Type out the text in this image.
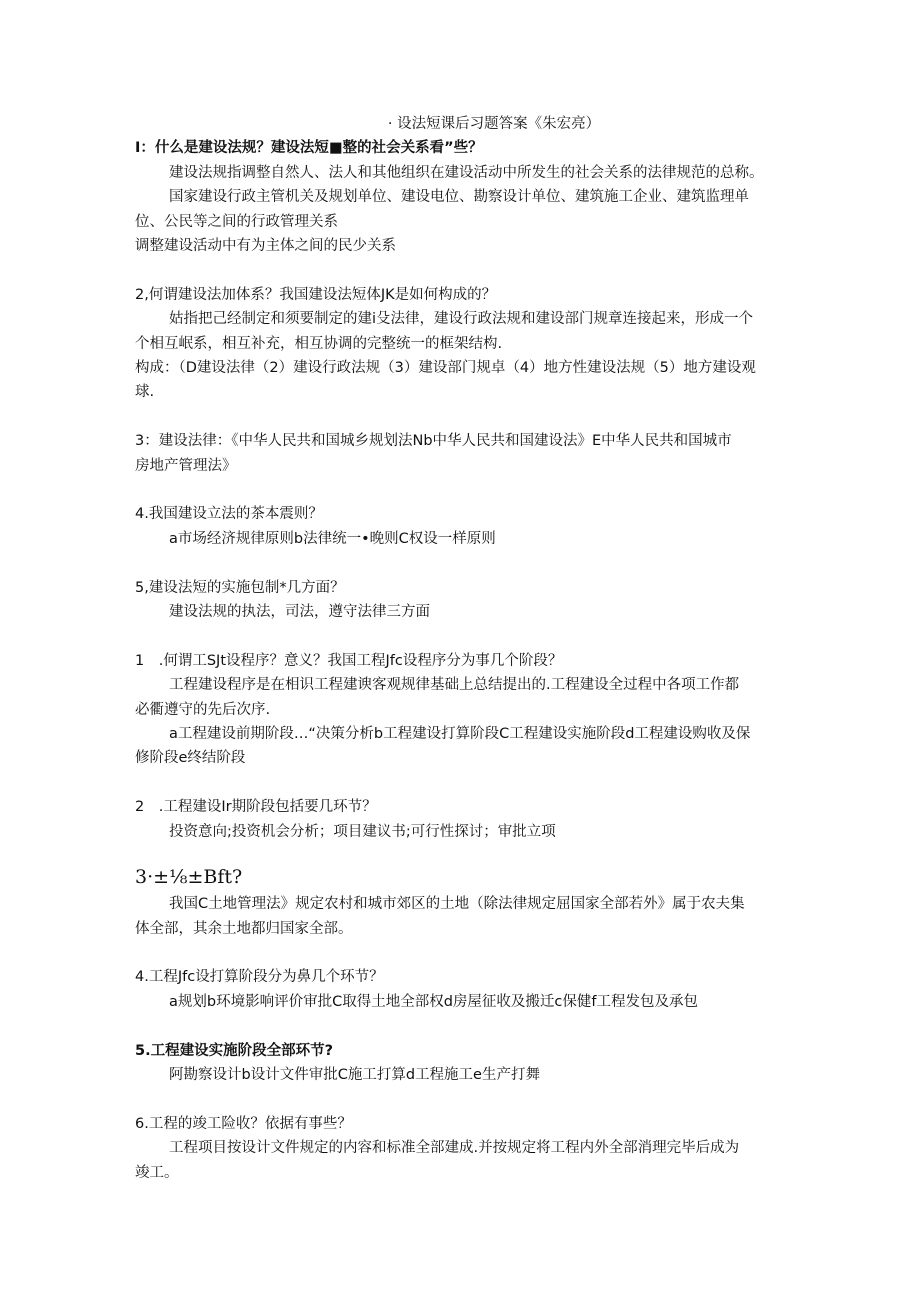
· 设法短课后习题答案《朱宏亮）

I：什么是建设法规？建设法短■整的社会关系看”些？

建设法规指调整自然人、法人和其他组织在建设活动中所发生的社会关系的法律规范的总称。

国家建设行政主管机关及规划单位、建设电位、勘察设计单位、建筑施工企业、建筑监理单

位、公民等之间的行政管理关系

调整建设活动中有为主体之间的民少关系

2,何谓建设法加体系？我国建设法短体JK是如何构成的？

姑指把己经制定和须要制定的建i殳法律，建设行政法规和建设部门规章连接起来，形成一个

个相互岷系，相互补充，相互协调的完整统一的框架结构.

构成：（D建设法律（2）建设行政法规（3）建设部门规卓（4）地方性建设法规（5）地方建设观

球.

3：建设法律：《中华人民共和国城乡规划法Nb中华人民共和国建设法》E中华人民共和国城市

房地产管理法》

4.我国建设立法的茶本震则？

a市场经济规律原则b法律统一•晚则C权设一样原则

5,建设法短的实施包制*几方面？

建设法规的执法，司法，遵守法律三方面

1　.何谓工SJt设程序？意义？我国工程Jfc设程序分为事几个阶段？

工程建设程序是在相识工程建谀客观规律基础上总结提出的.工程建设全过程中各项工作都

必衢遵守的先后次序.

a工程建设前期阶段…“决策分析b工程建设打算阶段C工程建设实施阶段d工程建设购收及保

修阶段e终结阶段

2　.工程建设Ir期阶段包括要几环节？

投资意向;投资机会分析；项目建议书;可行性探讨；审批立项

3·±⅛±Bft?

我国C土地管理法》规定农村和城市郊区的土地（除法律规定屈国家全部若外》属于农夫集

体全部，其余土地都归国家全部。

4.工程Jfc设打算阶段分为鼻几个环节？

a规划b环境影响评价审批C取得土地全部权d房屋征收及搬迁c保健f工程发包及承包

5.工程建设实施阶段全部环节?

阿勘察设计b设计文件审批C施工打算d工程施工e生产打舞

6.工程的竣工险收？依据有事些？

工程项目按设计文件规定的内容和标准全部建成.并按规定将工程内外全部消理完毕后成为

竣工。
